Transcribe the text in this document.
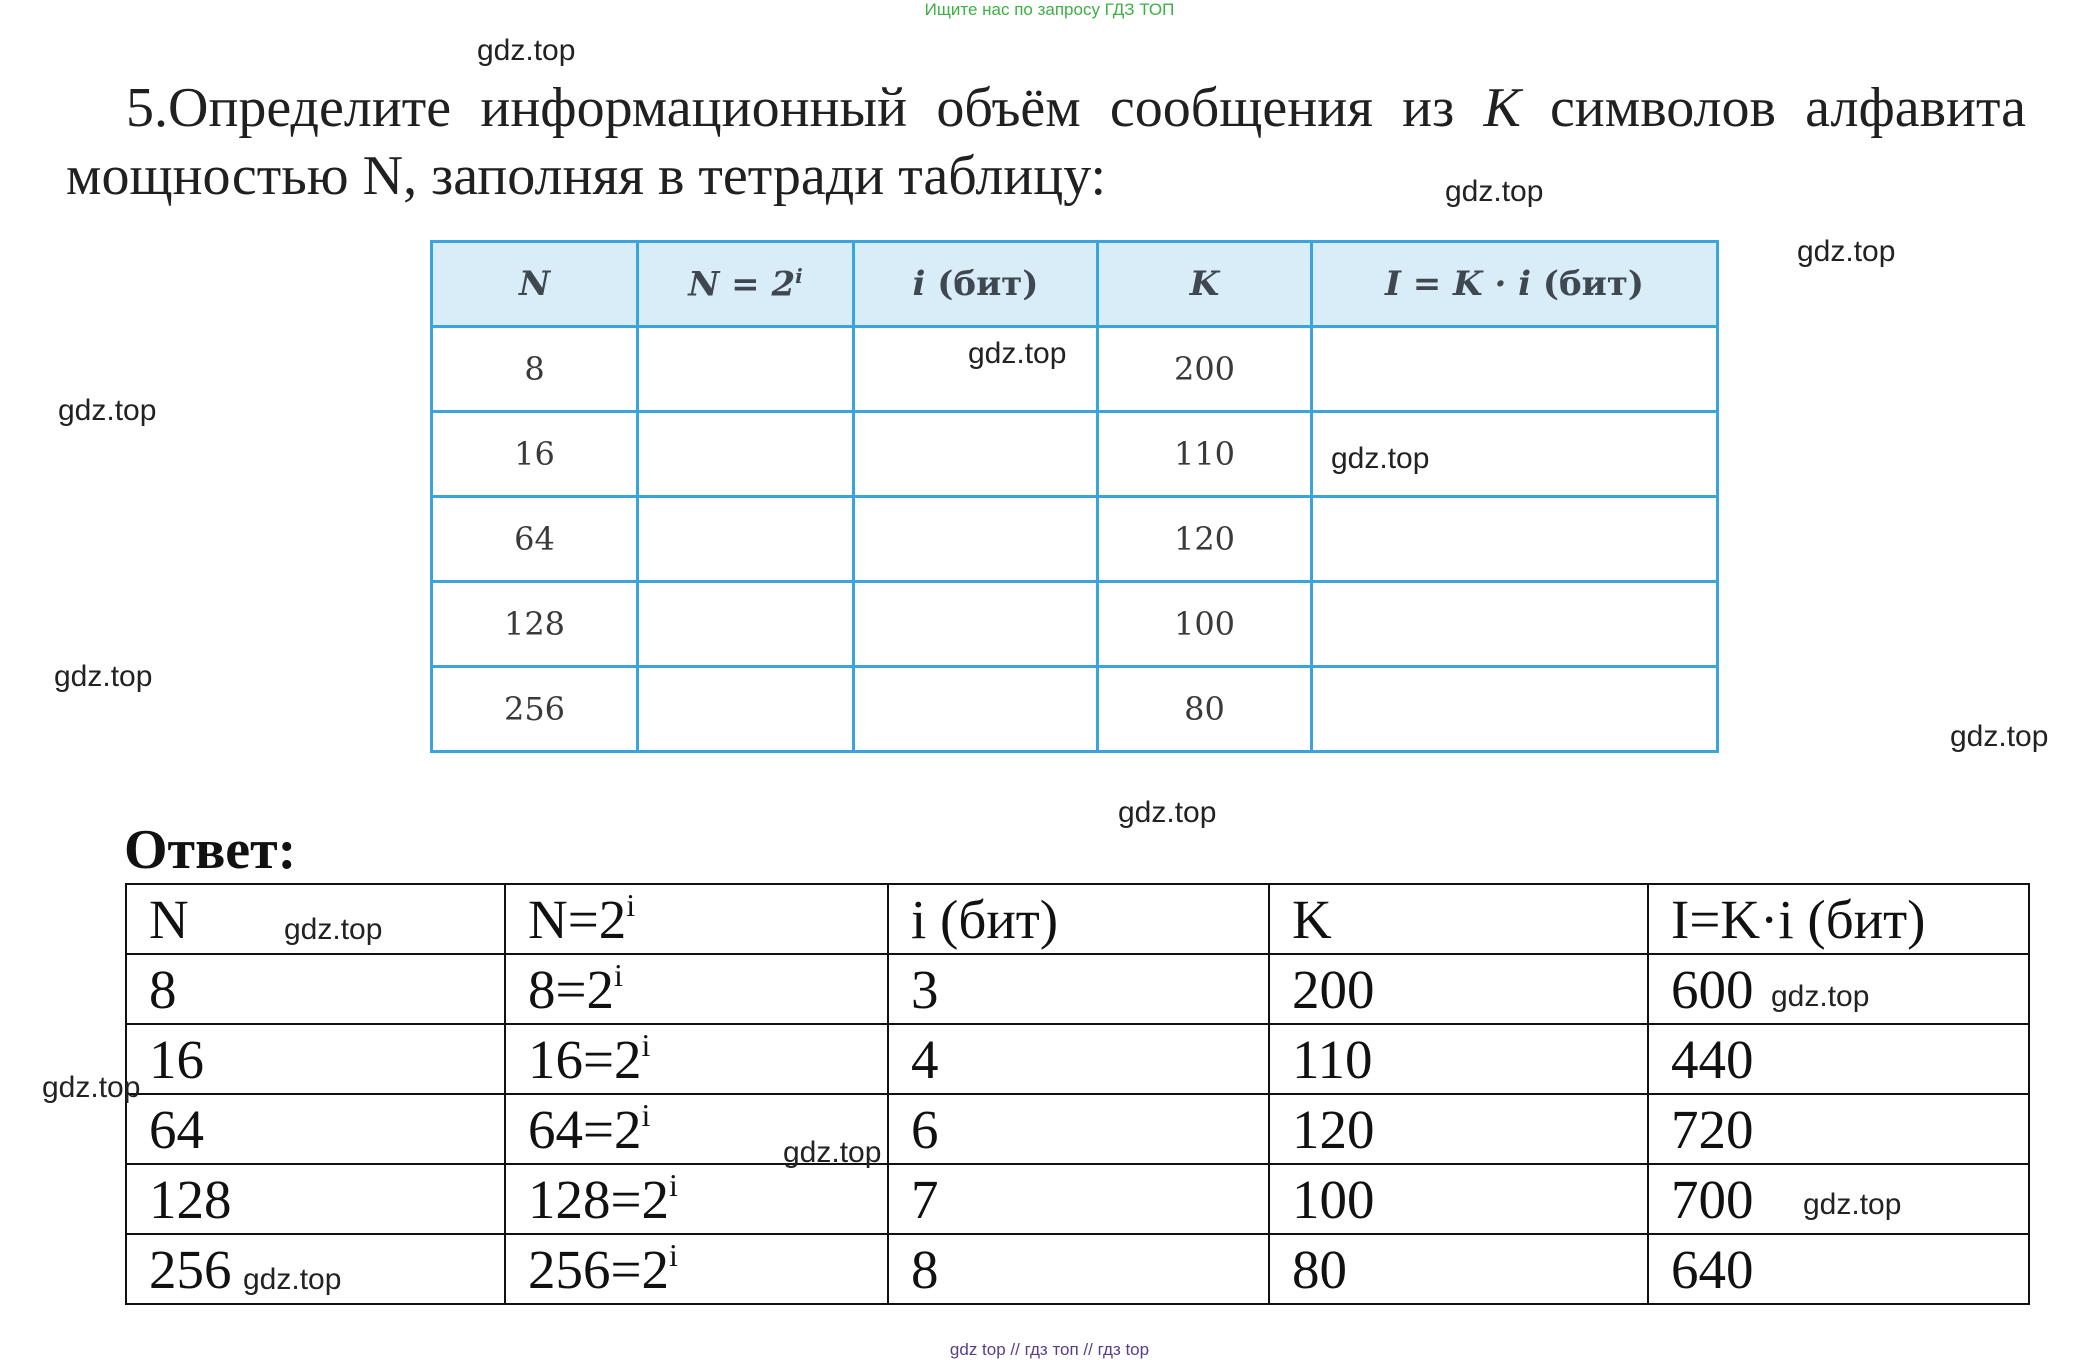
Ищите нас по запросу ГДЗ ТОП

5.Определите информационный объём сообщения из К символов алфавита мощностью N, заполняя в тетради таблицу:

N	$N = 2^i$	i (бит)	K	I = K · i (бит)
8			200	
16			110	
64			120	
128			100	
256			80	
Ответ:
N	$N=2^i$	i (бит)	K	I=K·i (бит)
8	$8=2^i$	3	200	600
16	$16=2^i$	4	110	440
64	$64=2^i$	6	120	720
128	$128=2^i$	7	100	700
256	$256=2^i$	8	80	640
gdz.top
gdz.top
gdz.top
gdz.top
gdz.top
gdz.top
gdz.top
gdz.top
gdz.top
gdz.top
gdz.top
gdz.top
gdz.top
gdz.top
gdz.top
gdz top // гдз топ // гдз top
